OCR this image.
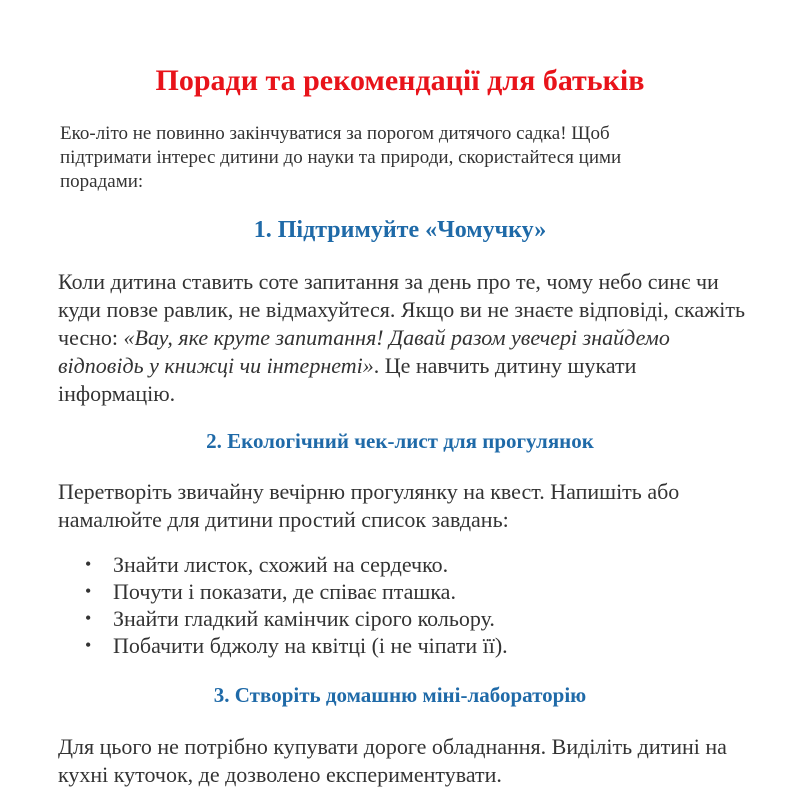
Поради та рекомендації для батьків

Еко-літо не повинно закінчуватися за порогом дитячого садка! Щоб підтримати інтерес дитини до науки та природи, скористайтеся цими порадами:

1. Підтримуйте «Чомучку»

Коли дитина ставить соте запитання за день про те, чому небо синє чи куди повзе равлик, не відмахуйтеся. Якщо ви не знаєте відповіді, скажіть чесно: «Вау, яке круте запитання! Давай разом увечері знайдемо відповідь у книжці чи інтернеті». Це навчить дитину шукати інформацію.

2. Екологічний чек-лист для прогулянок

Перетворіть звичайну вечірню прогулянку на квест. Напишіть або намалюйте для дитини простий список завдань:

• Знайти листок, схожий на сердечко.
• Почути і показати, де співає пташка.
• Знайти гладкий камінчик сірого кольору.
• Побачити бджолу на квітці (і не чіпати її).
3. Створіть домашню міні-лабораторію

Для цього не потрібно купувати дороге обладнання. Виділіть дитині на кухні куточок, де дозволено експериментувати.
